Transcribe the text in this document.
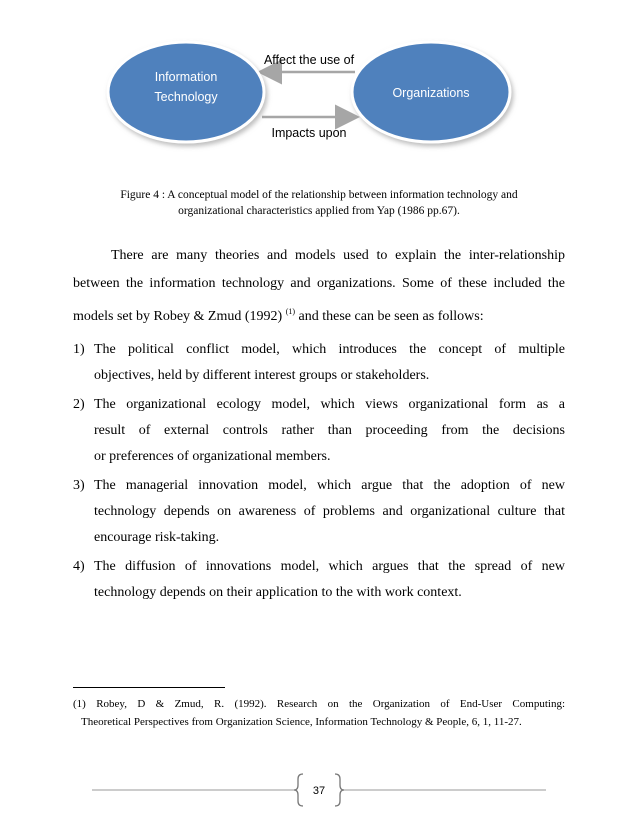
Information
Technology	Organizations
Affect the use of
Impacts upon
Figure 4 : A conceptual model of the relationship between information technology and
organizational characteristics applied from Yap (1986 pp.67).
There are many theories and models used to explain the inter-relationship
between the information technology and organizations. Some of these included the
models set by Robey & Zmud (1992) $^{(1)}$ and these can be seen as follows:
1) The political conflict model, which introduces the concept of multiple
objectives, held by different interest groups or stakeholders.
2) The organizational ecology model, which views organizational form as a
result of external controls rather than proceeding from the decisions
or preferences of organizational members.
3) The managerial innovation model, which argue that the adoption of new
technology depends on awareness of problems and organizational culture that
encourage risk-taking.
4) The diffusion of innovations model, which argues that the spread of new
technology depends on their application to the with work context.
(1) Robey, D & Zmud, R. (1992). Research on the Organization of End-User Computing:
Theoretical Perspectives from Organization Science, Information Technology & People, 6, 1, 11-27.
37
